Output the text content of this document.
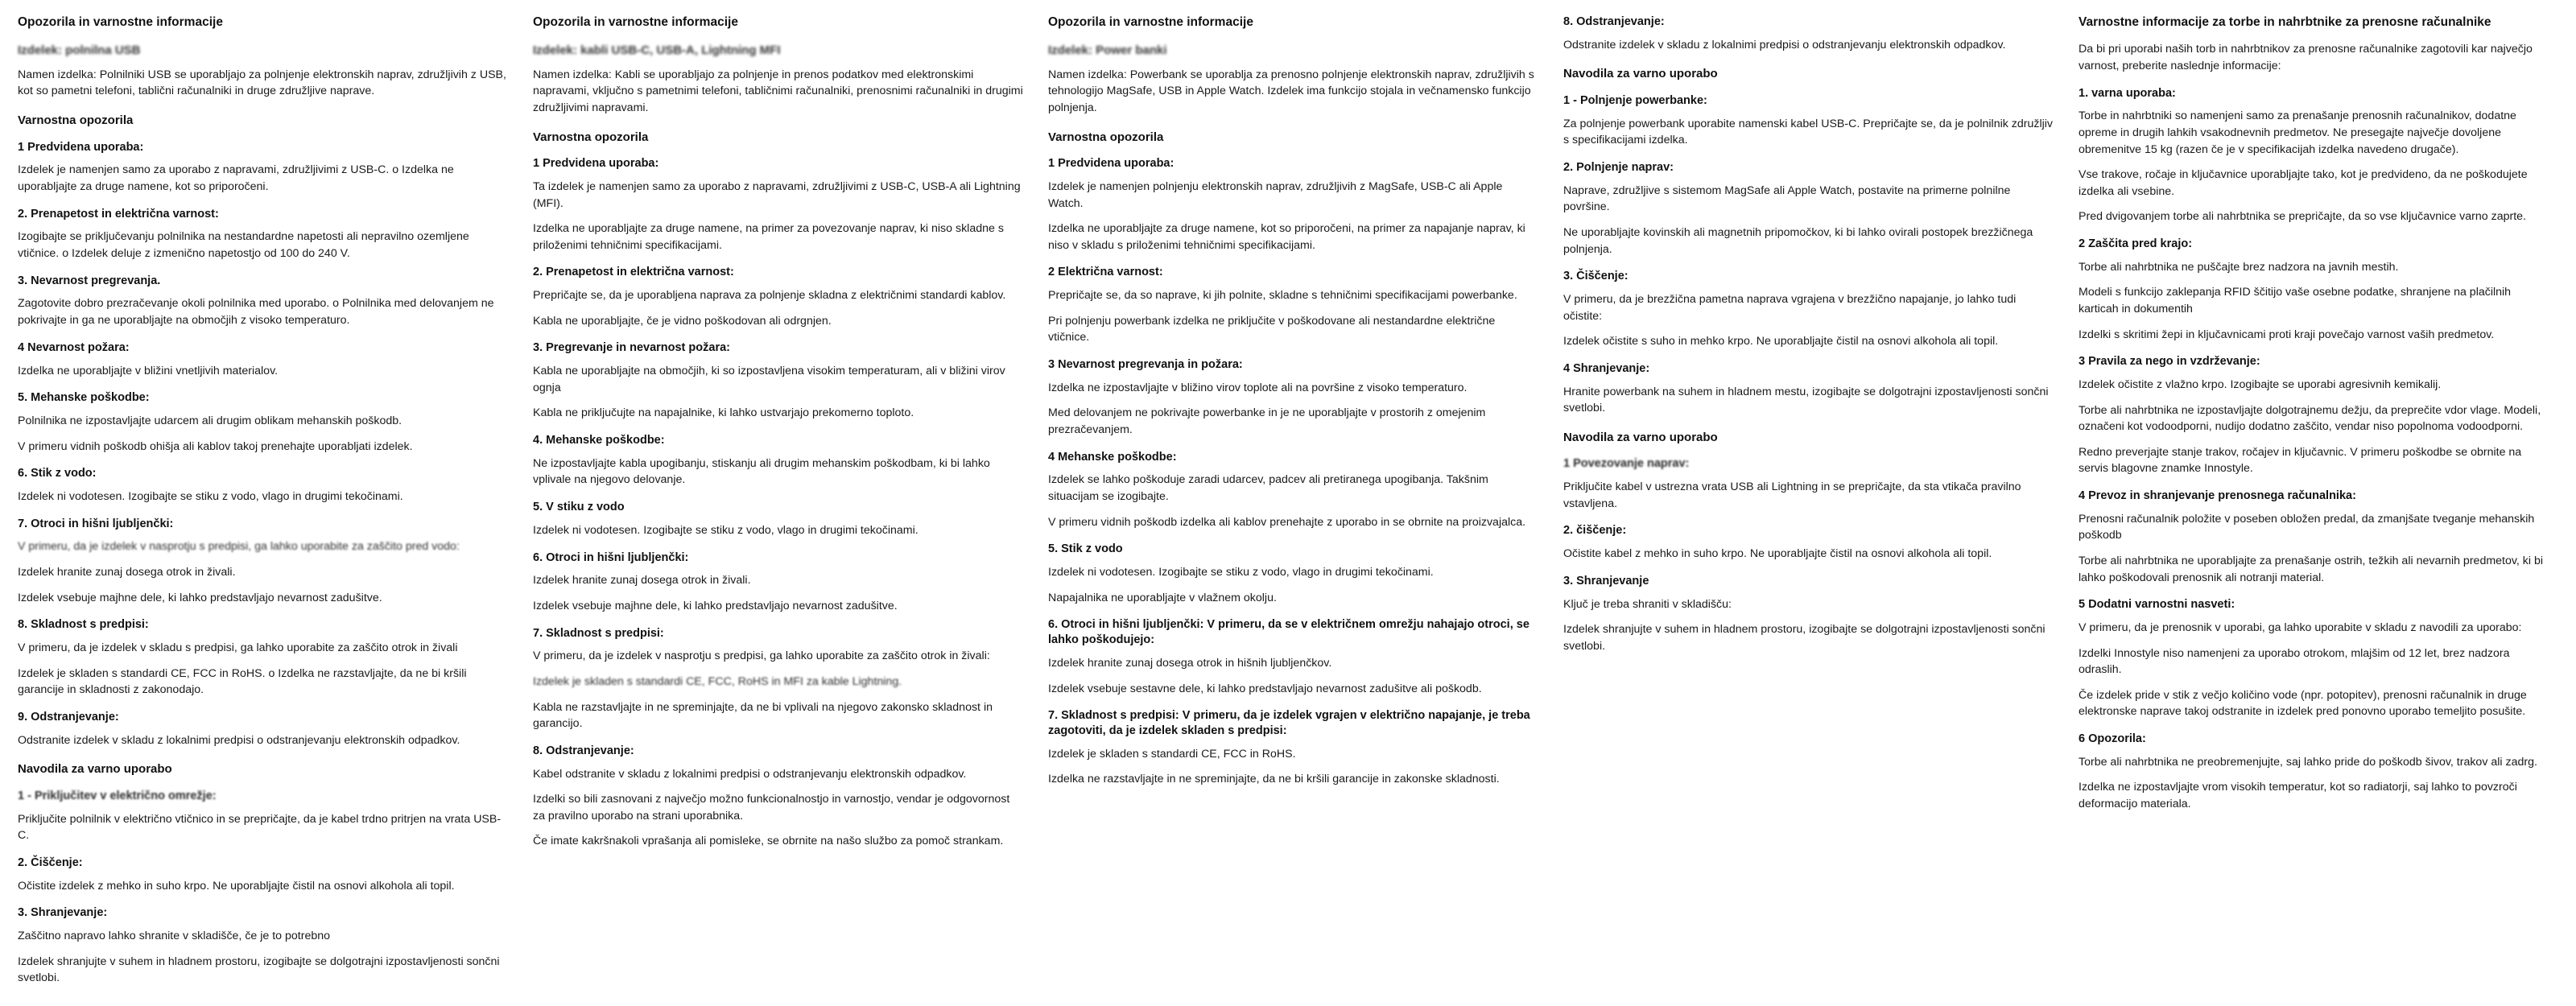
Opozorila in varnostne informacije
Izdelek: polnilna USB

Namen izdelka: Polnilniki USB se uporabljajo za polnjenje elektronskih naprav, združljivih z USB, kot so pametni telefoni, tablični računalniki in druge združljive naprave.

Varnostna opozorila
1 Predvidena uporaba:

Izdelek je namenjen samo za uporabo z napravami, združljivimi z USB-C. o Izdelka ne uporabljajte za druge namene, kot so priporočeni.

2. Prenapetost in električna varnost:

Izogibajte se priključevanju polnilnika na nestandardne napetosti ali nepravilno ozemljene vtičnice. o Izdelek deluje z izmenično napetostjo od 100 do 240 V.

3. Nevarnost pregrevanja.

Zagotovite dobro prezračevanje okoli polnilnika med uporabo. o Polnilnika med delovanjem ne pokrivajte in ga ne uporabljajte na območjih z visoko temperaturo.

4 Nevarnost požara:

Izdelka ne uporabljajte v bližini vnetljivih materialov.

5. Mehanske poškodbe:

Polnilnika ne izpostavljajte udarcem ali drugim oblikam mehanskih poškodb.

V primeru vidnih poškodb ohišja ali kablov takoj prenehajte uporabljati izdelek.

6. Stik z vodo:

Izdelek ni vodotesen. Izogibajte se stiku z vodo, vlago in drugimi tekočinami.

7. Otroci in hišni ljubljenčki:

V primeru, da je izdelek v nasprotju s predpisi, ga lahko uporabite za zaščito pred vodo:

Izdelek hranite zunaj dosega otrok in živali.

Izdelek vsebuje majhne dele, ki lahko predstavljajo nevarnost zadušitve.

8. Skladnost s predpisi:

V primeru, da je izdelek v skladu s predpisi, ga lahko uporabite za zaščito otrok in živali

Izdelek je skladen s standardi CE, FCC in RoHS. o Izdelka ne razstavljajte, da ne bi kršili garancije in skladnosti z zakonodajo.

9. Odstranjevanje:

Odstranite izdelek v skladu z lokalnimi predpisi o odstranjevanju elektronskih odpadkov.

Navodila za varno uporabo
1 - Priključitev v električno omrežje:

Priključite polnilnik v električno vtičnico in se prepričajte, da je kabel trdno pritrjen na vrata USB-C.

2. Čiščenje:

Očistite izdelek z mehko in suho krpo. Ne uporabljajte čistil na osnovi alkohola ali topil.

3. Shranjevanje:

Zaščitno napravo lahko shranite v skladišče, če je to potrebno

Izdelek shranjujte v suhem in hladnem prostoru, izogibajte se dolgotrajni izpostavljenosti sončni svetlobi.

Opozorila in varnostne informacije
Izdelek: kabli USB-C, USB-A, Lightning MFI

Namen izdelka: Kabli se uporabljajo za polnjenje in prenos podatkov med elektronskimi napravami, vključno s pametnimi telefoni, tabličnimi računalniki, prenosnimi računalniki in drugimi združljivimi napravami.

Varnostna opozorila
1 Predvidena uporaba:

Ta izdelek je namenjen samo za uporabo z napravami, združljivimi z USB-C, USB-A ali Lightning (MFI).

Izdelka ne uporabljajte za druge namene, na primer za povezovanje naprav, ki niso skladne s priloženimi tehničnimi specifikacijami.

2. Prenapetost in električna varnost:

Prepričajte se, da je uporabljena naprava za polnjenje skladna z električnimi standardi kablov.

Kabla ne uporabljajte, če je vidno poškodovan ali odrgnjen.

3. Pregrevanje in nevarnost požara:

Kabla ne uporabljajte na območjih, ki so izpostavljena visokim temperaturam, ali v bližini virov ognja

Kabla ne priključujte na napajalnike, ki lahko ustvarjajo prekomerno toploto.

4. Mehanske poškodbe:

Ne izpostavljajte kabla upogibanju, stiskanju ali drugim mehanskim poškodbam, ki bi lahko vplivale na njegovo delovanje.

5. V stiku z vodo

Izdelek ni vodotesen. Izogibajte se stiku z vodo, vlago in drugimi tekočinami.

6. Otroci in hišni ljubljenčki:

Izdelek hranite zunaj dosega otrok in živali.

Izdelek vsebuje majhne dele, ki lahko predstavljajo nevarnost zadušitve.

7. Skladnost s predpisi:

V primeru, da je izdelek v nasprotju s predpisi, ga lahko uporabite za zaščito otrok in živali:

Izdelek je skladen s standardi CE, FCC, RoHS in MFI za kable Lightning.

Kabla ne razstavljajte in ne spreminjajte, da ne bi vplivali na njegovo zakonsko skladnost in garancijo.

8. Odstranjevanje:

Kabel odstranite v skladu z lokalnimi predpisi o odstranjevanju elektronskih odpadkov.

Izdelki so bili zasnovani z največjo možno funkcionalnostjo in varnostjo, vendar je odgovornost za pravilno uporabo na strani uporabnika.

Če imate kakršnakoli vprašanja ali pomisleke, se obrnite na našo službo za pomoč strankam.

Opozorila in varnostne informacije
Izdelek: Power banki

Namen izdelka: Powerbank se uporablja za prenosno polnjenje elektronskih naprav, združljivih s tehnologijo MagSafe, USB in Apple Watch. Izdelek ima funkcijo stojala in večnamensko funkcijo polnjenja.

Varnostna opozorila
1 Predvidena uporaba:

Izdelek je namenjen polnjenju elektronskih naprav, združljivih z MagSafe, USB-C ali Apple Watch.

Izdelka ne uporabljajte za druge namene, kot so priporočeni, na primer za napajanje naprav, ki niso v skladu s priloženimi tehničnimi specifikacijami.

2 Električna varnost:

Prepričajte se, da so naprave, ki jih polnite, skladne s tehničnimi specifikacijami powerbanke.

Pri polnjenju powerbank izdelka ne priključite v poškodovane ali nestandardne električne vtičnice.

3 Nevarnost pregrevanja in požara:

Izdelka ne izpostavljajte v bližino virov toplote ali na površine z visoko temperaturo.

Med delovanjem ne pokrivajte powerbanke in je ne uporabljajte v prostorih z omejenim prezračevanjem.

4 Mehanske poškodbe:

Izdelek se lahko poškoduje zaradi udarcev, padcev ali pretiranega upogibanja. Takšnim situacijam se izogibajte.

V primeru vidnih poškodb izdelka ali kablov prenehajte z uporabo in se obrnite na proizvajalca.

5. Stik z vodo

Izdelek ni vodotesen. Izogibajte se stiku z vodo, vlago in drugimi tekočinami.

Napajalnika ne uporabljajte v vlažnem okolju.

6. Otroci in hišni ljubljenčki: V primeru, da se v električnem omrežju nahajajo otroci, se lahko poškodujejo:

Izdelek hranite zunaj dosega otrok in hišnih ljubljenčkov.

Izdelek vsebuje sestavne dele, ki lahko predstavljajo nevarnost zadušitve ali poškodb.

7. Skladnost s predpisi: V primeru, da je izdelek vgrajen v električno napajanje, je treba zagotoviti, da je izdelek skladen s predpisi:

Izdelek je skladen s standardi CE, FCC in RoHS.

Izdelka ne razstavljajte in ne spreminjajte, da ne bi kršili garancije in zakonske skladnosti.

8. Odstranjevanje:

Odstranite izdelek v skladu z lokalnimi predpisi o odstranjevanju elektronskih odpadkov.

Navodila za varno uporabo
1 - Polnjenje powerbanke:

Za polnjenje powerbank uporabite namenski kabel USB-C. Prepričajte se, da je polnilnik združljiv s specifikacijami izdelka.

2. Polnjenje naprav:

Naprave, združljive s sistemom MagSafe ali Apple Watch, postavite na primerne polnilne površine.

Ne uporabljajte kovinskih ali magnetnih pripomočkov, ki bi lahko ovirali postopek brezžičnega polnjenja.

3. Čiščenje:

V primeru, da je brezžična pametna naprava vgrajena v brezžično napajanje, jo lahko tudi očistite:

Izdelek očistite s suho in mehko krpo. Ne uporabljajte čistil na osnovi alkohola ali topil.

4 Shranjevanje:

Hranite powerbank na suhem in hladnem mestu, izogibajte se dolgotrajni izpostavljenosti sončni svetlobi.

Navodila za varno uporabo
1 Povezovanje naprav:

Priključite kabel v ustrezna vrata USB ali Lightning in se prepričajte, da sta vtikača pravilno vstavljena.

2. čiščenje:

Očistite kabel z mehko in suho krpo. Ne uporabljajte čistil na osnovi alkohola ali topil.

3. Shranjevanje

Ključ je treba shraniti v skladišču:

Izdelek shranjujte v suhem in hladnem prostoru, izogibajte se dolgotrajni izpostavljenosti sončni svetlobi.

Varnostne informacije za torbe in nahrbtnike za prenosne računalnike

Da bi pri uporabi naših torb in nahrbtnikov za prenosne računalnike zagotovili kar največjo varnost, preberite naslednje informacije:

1. varna uporaba:

Torbe in nahrbtniki so namenjeni samo za prenašanje prenosnih računalnikov, dodatne opreme in drugih lahkih vsakodnevnih predmetov. Ne presegajte največje dovoljene obremenitve 15 kg (razen če je v specifikacijah izdelka navedeno drugače).

Vse trakove, ročaje in ključavnice uporabljajte tako, kot je predvideno, da ne poškodujete izdelka ali vsebine.

Pred dvigovanjem torbe ali nahrbtnika se prepričajte, da so vse ključavnice varno zaprte.

2 Zaščita pred krajo:

Torbe ali nahrbtnika ne puščajte brez nadzora na javnih mestih.

Modeli s funkcijo zaklepanja RFID ščitijo vaše osebne podatke, shranjene na plačilnih karticah in dokumentih

Izdelki s skritimi žepi in ključavnicami proti kraji povečajo varnost vaših predmetov.

3 Pravila za nego in vzdrževanje:

Izdelek očistite z vlažno krpo. Izogibajte se uporabi agresivnih kemikalij.

Torbe ali nahrbtnika ne izpostavljajte dolgotrajnemu dežju, da preprečite vdor vlage. Modeli, označeni kot vodoodporni, nudijo dodatno zaščito, vendar niso popolnoma vodoodporni.

Redno preverjajte stanje trakov, ročajev in ključavnic. V primeru poškodbe se obrnite na servis blagovne znamke Innostyle.

4 Prevoz in shranjevanje prenosnega računalnika:

Prenosni računalnik položite v poseben obložen predal, da zmanjšate tveganje mehanskih poškodb

Torbe ali nahrbtnika ne uporabljajte za prenašanje ostrih, težkih ali nevarnih predmetov, ki bi lahko poškodovali prenosnik ali notranji material.

5 Dodatni varnostni nasveti:

V primeru, da je prenosnik v uporabi, ga lahko uporabite v skladu z navodili za uporabo:

Izdelki Innostyle niso namenjeni za uporabo otrokom, mlajšim od 12 let, brez nadzora odraslih.

Če izdelek pride v stik z večjo količino vode (npr. potopitev), prenosni računalnik in druge elektronske naprave takoj odstranite in izdelek pred ponovno uporabo temeljito posušite.

6 Opozorila:

Torbe ali nahrbtnika ne preobremenjujte, saj lahko pride do poškodb šivov, trakov ali zadrg.

Izdelka ne izpostavljajte vrom visokih temperatur, kot so radiatorji, saj lahko to povzroči deformacijo materiala.
